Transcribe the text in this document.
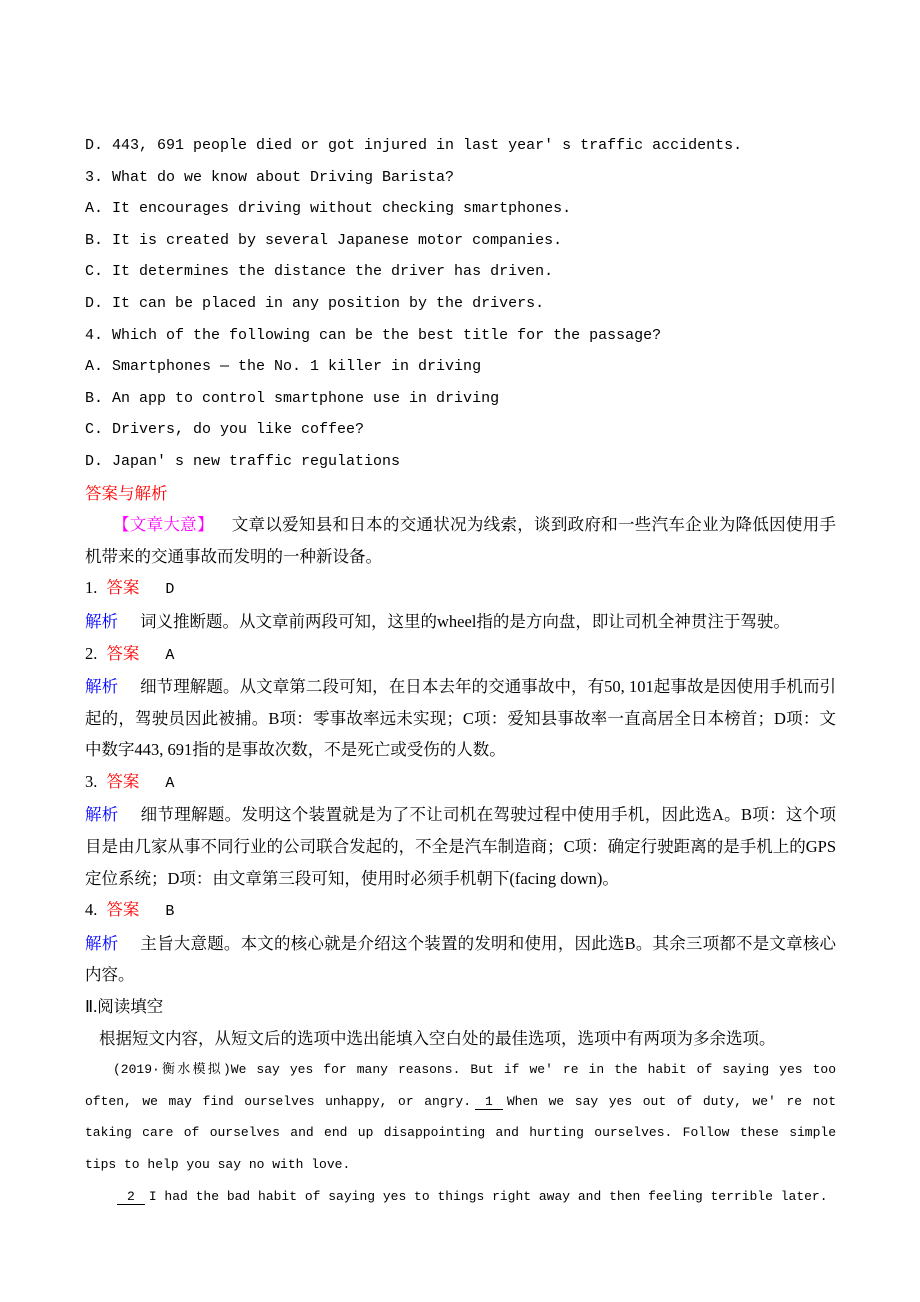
D. 443, 691 people died or got injured in last year' s traffic accidents.
3. What do we know about Driving Barista?
A. It encourages driving without checking smartphones.
B. It is created by several Japanese motor companies.
C. It determines the distance the driver has driven.
D. It can be placed in any position by the drivers.
4. Which of the following can be the best title for the passage?
A. Smartphones — the No. 1 killer in driving
B. An app to control smartphone use in driving
C. Drivers, do you like coffee?
D. Japan' s new traffic regulations
答案与解析

【文章大意】 文章以爱知县和日本的交通状况为线索，谈到政府和一些汽车企业为降低因使用手机带来的交通事故而发明的一种新设备。

1. 答案 D

解析 词义推断题。从文章前两段可知，这里的wheel指的是方向盘，即让司机全神贯注于驾驶。

2. 答案 A

解析 细节理解题。从文章第二段可知，在日本去年的交通事故中，有50, 101起事故是因使用手机而引起的，驾驶员因此被捕。B项：零事故率远未实现；C项：爱知县事故率一直高居全日本榜首；D项：文中数字443, 691指的是事故次数，不是死亡或受伤的人数。

3. 答案 A

解析 细节理解题。发明这个装置就是为了不让司机在驾驶过程中使用手机，因此选A。B项：这个项目是由几家从事不同行业的公司联合发起的，不全是汽车制造商；C项：确定行驶距离的是手机上的GPS定位系统；D项：由文章第三段可知，使用时必须手机朝下(facing down)。

4. 答案 B

解析 主旨大意题。本文的核心就是介绍这个装置的发明和使用，因此选B。其余三项都不是文章核心内容。

Ⅱ.阅读填空

根据短文内容，从短文后的选项中选出能填入空白处的最佳选项，选项中有两项为多余选项。

(2019·衡水模拟)We say yes for many reasons. But if we' re in the habit of saying yes too often, we may find ourselves unhappy, or angry. 1 When we say yes out of duty, we' re not taking care of ourselves and end up disappointing and hurting ourselves. Follow these simple tips to help you say no with love.

2 I had the bad habit of saying yes to things right away and then feeling terrible later.
